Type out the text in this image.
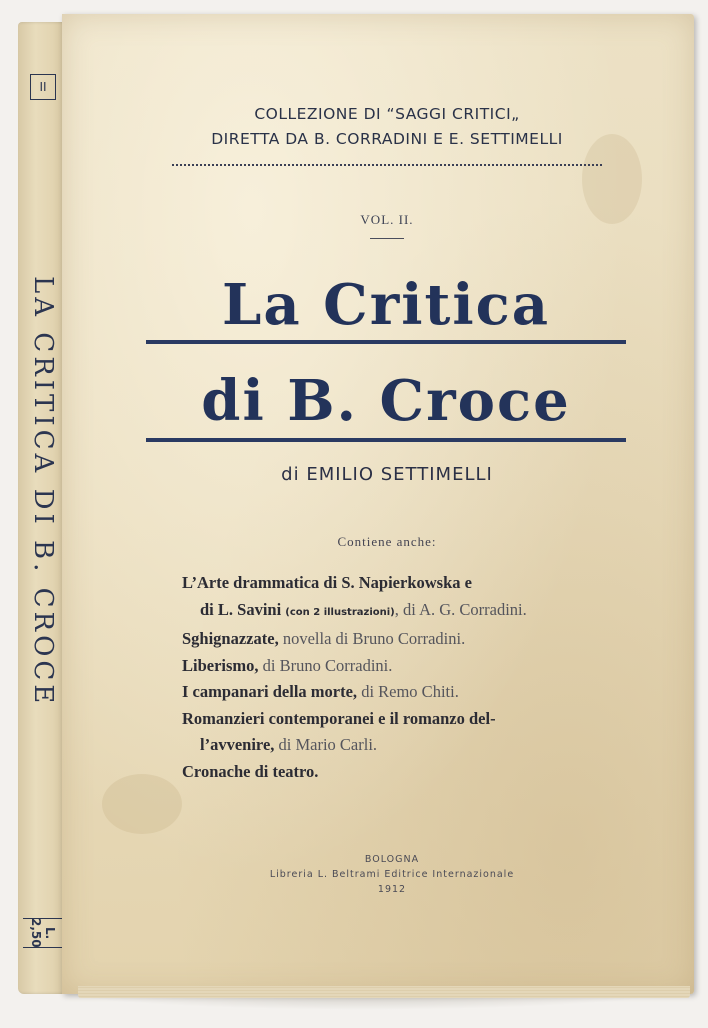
II
LA CRITICA DI B. CROCE
L. 2,50
COLLEZIONE DI “SAGGI CRITICI„
DIRETTA DA B. CORRADINI E E. SETTIMELLI
VOL. II.
La Critica
di B. Croce
di EMILIO SETTIMELLI
Contiene anche:
L’Arte drammatica di S. Napierkowska e
di L. Savini (con 2 illustrazioni), di A. G. Corradini.
Sghignazzate, novella di Bruno Corradini.
Liberismo, di Bruno Corradini.
I campanari della morte, di Remo Chiti.
Romanzieri contemporanei e il romanzo del-
l’avvenire, di Mario Carli.
Cronache di teatro.
BOLOGNA
Libreria L. Beltrami Editrice Internazionale
1912
